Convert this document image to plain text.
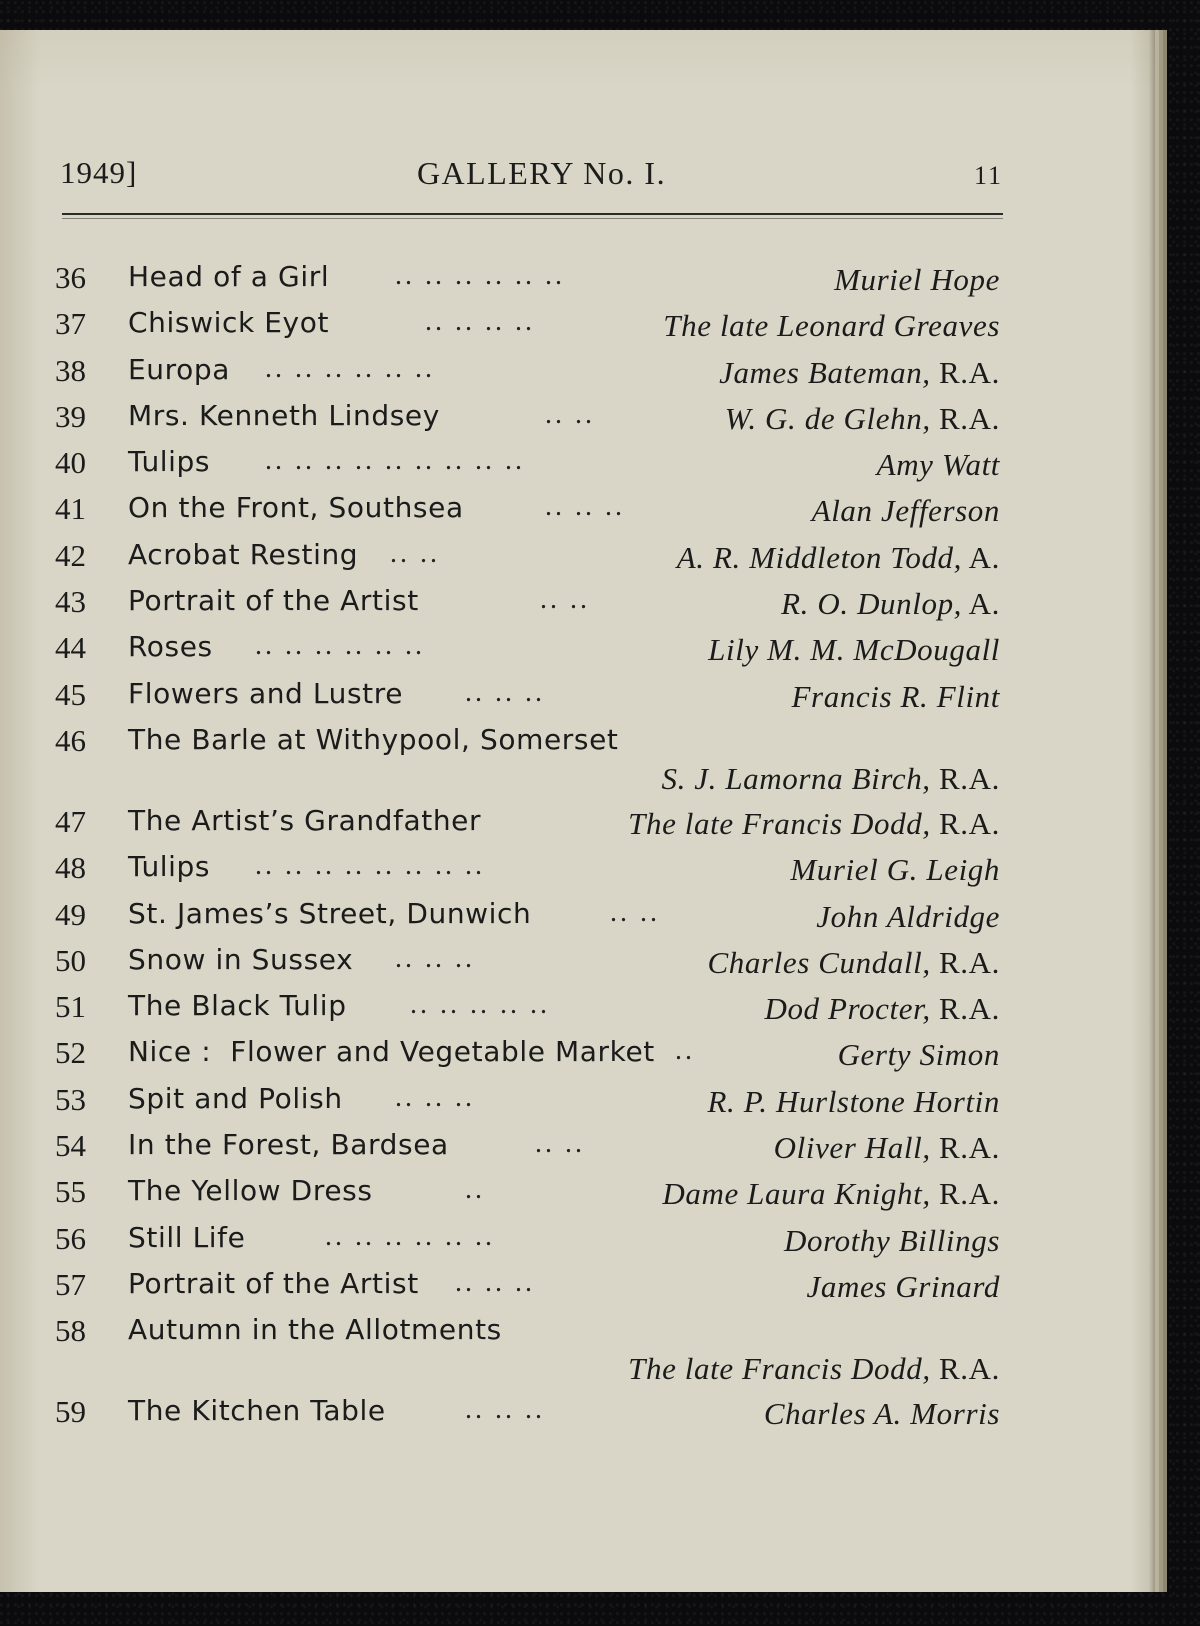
1949]	GALLERY No. I.	11
36	Head of a Girl .. .. .. .. .. ..	Muriel Hope
37	Chiswick Eyot	.. .. .. ..	The late Leonard Greaves
38	Europa .. .. .. .. .. ..	James Bateman, R.A.
39	Mrs. Kenneth Lindsey	.. ..	W. G. de Glehn, R.A.
40	Tulips .. .. .. .. .. .. .. .. ..	Amy Watt
41	On the Front, Southsea	.. .. ..	Alan Jefferson
42	Acrobat Resting .. ..	A. R. Middleton Todd, A.
43	Portrait of the Artist	.. ..	R. O. Dunlop, A.
44	Roses .. .. .. .. .. ..	Lily M. M. McDougall
45	Flowers and Lustre .. .. ..	Francis R. Flint
46	The Barle at Withypool, Somerset
S. J. Lamorna Birch, R.A.
47	The Artist’s Grandfather	The late Francis Dodd, R.A.
48	Tulips .. .. .. .. .. .. .. ..	Muriel G. Leigh
49	St. James’s Street, Dunwich	.. ..	John Aldridge
50	Snow in Sussex .. .. ..	Charles Cundall, R.A.
51	The Black Tulip .. .. .. .. ..	Dod Procter, R.A.
52	Nice :  Flower and Vegetable Market ..	Gerty Simon
53	Spit and Polish .. .. ..	R. P. Hurlstone Hortin
54	In the Forest, Bardsea	.. ..	Oliver Hall, R.A.
55	The Yellow Dress	..	Dame Laura Knight, R.A.
56	Still Life	.. .. .. .. .. ..	Dorothy Billings
57	Portrait of the Artist .. .. ..	James Grinard
58	Autumn in the Allotments
The late Francis Dodd, R.A.
59	The Kitchen Table	.. .. ..	Charles A. Morris
